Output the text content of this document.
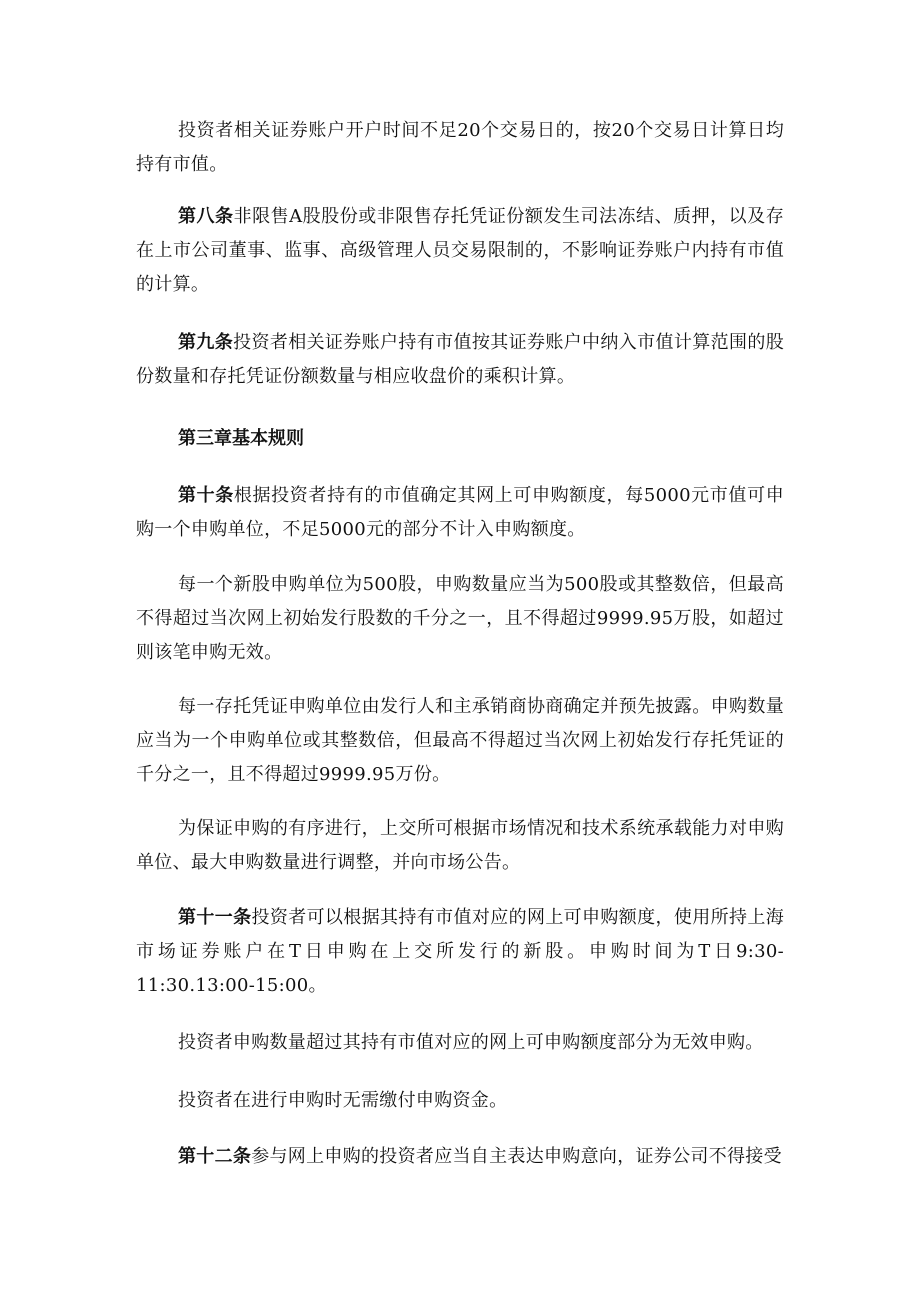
投资者相关证券账户开户时间不足20个交易日的，按20个交易日计算日均持有市值。

第八条非限售A股股份或非限售存托凭证份额发生司法冻结、质押，以及存在上市公司董事、监事、高级管理人员交易限制的，不影响证券账户内持有市值的计算。

第九条投资者相关证券账户持有市值按其证券账户中纳入市值计算范围的股份数量和存托凭证份额数量与相应收盘价的乘积计算。

第三章基本规则

第十条根据投资者持有的市值确定其网上可申购额度，每5000元市值可申购一个申购单位，不足5000元的部分不计入申购额度。

每一个新股申购单位为500股，申购数量应当为500股或其整数倍，但最高不得超过当次网上初始发行股数的千分之一，且不得超过9999.95万股，如超过则该笔申购无效。

每一存托凭证申购单位由发行人和主承销商协商确定并预先披露。申购数量应当为一个申购单位或其整数倍，但最高不得超过当次网上初始发行存托凭证的千分之一，且不得超过9999.95万份。

为保证申购的有序进行，上交所可根据市场情况和技术系统承载能力对申购单位、最大申购数量进行调整，并向市场公告。

第十一条投资者可以根据其持有市值对应的网上可申购额度，使用所持上海市场证券账户在T日申购在上交所发行的新股。申购时间为T日9:30-11:30.13:00-15:00。

投资者申购数量超过其持有市值对应的网上可申购额度部分为无效申购。

投资者在进行申购时无需缴付申购资金。

第十二条参与网上申购的投资者应当自主表达申购意向，证券公司不得接受
